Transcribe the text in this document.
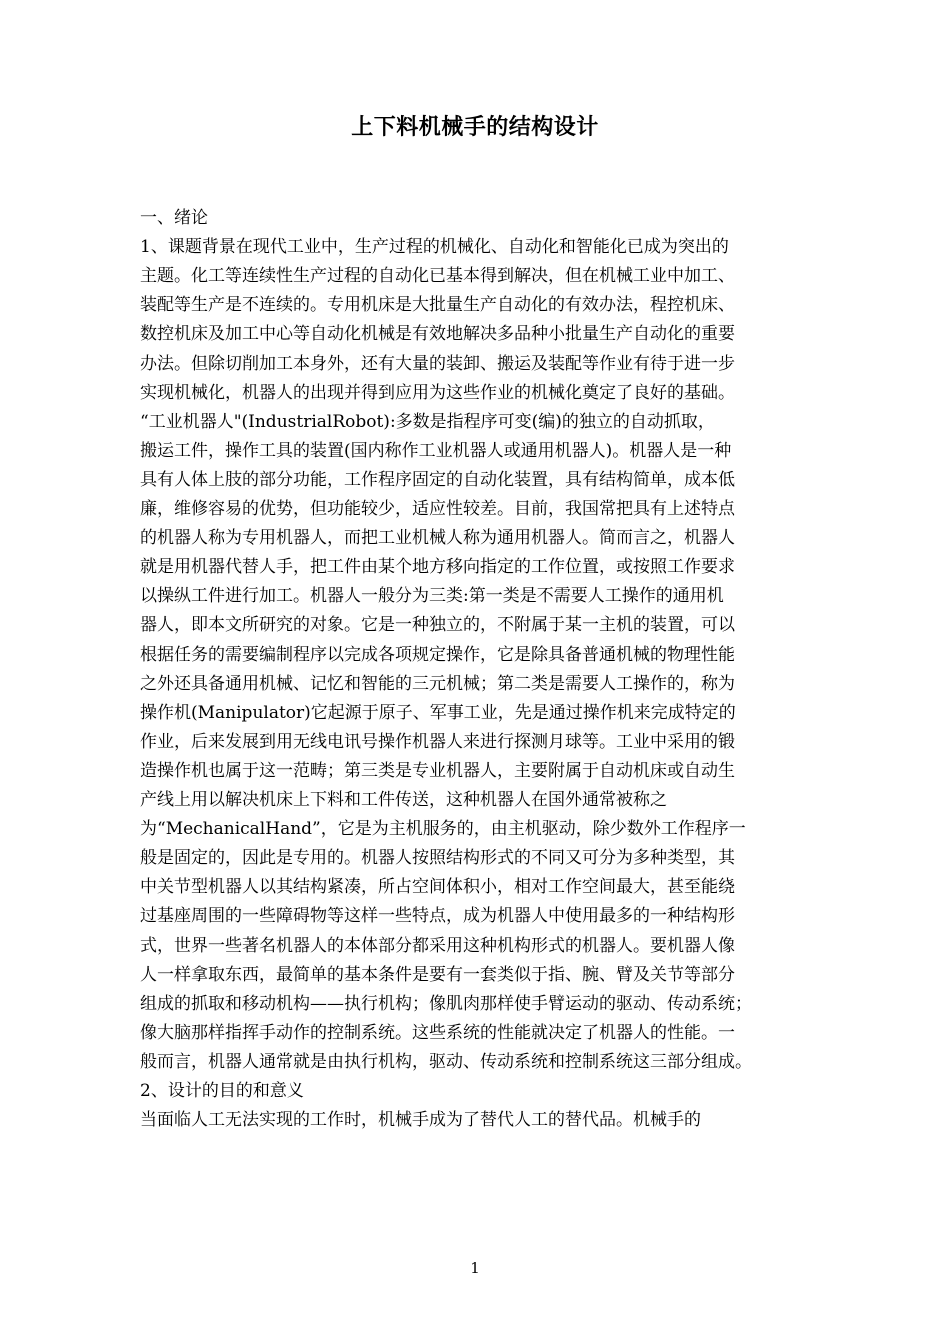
上下料机械手的结构设计
一、绪论
1、课题背景在现代工业中，生产过程的机械化、自动化和智能化已成为突出的
主题。化工等连续性生产过程的自动化已基本得到解决，但在机械工业中加工、
装配等生产是不连续的。专用机床是大批量生产自动化的有效办法，程控机床、
数控机床及加工中心等自动化机械是有效地解决多品种小批量生产自动化的重要
办法。但除切削加工本身外，还有大量的装卸、搬运及装配等作业有待于进一步
实现机械化，机器人的出现并得到应用为这些作业的机械化奠定了良好的基础。
“工业机器人"(IndustrialRobot):多数是指程序可变(编)的独立的自动抓取，
搬运工件，操作工具的装置(国内称作工业机器人或通用机器人)。机器人是一种
具有人体上肢的部分功能，工作程序固定的自动化装置，具有结构简单，成本低
廉，维修容易的优势，但功能较少，适应性较差。目前，我国常把具有上述特点
的机器人称为专用机器人，而把工业机械人称为通用机器人。简而言之，机器人
就是用机器代替人手，把工件由某个地方移向指定的工作位置，或按照工作要求
以操纵工件进行加工。机器人一般分为三类:第一类是不需要人工操作的通用机
器人，即本文所研究的对象。它是一种独立的，不附属于某一主机的装置，可以
根据任务的需要编制程序以完成各项规定操作，它是除具备普通机械的物理性能
之外还具备通用机械、记忆和智能的三元机械；第二类是需要人工操作的，称为
操作机(Manipulator)它起源于原子、军事工业，先是通过操作机来完成特定的
作业，后来发展到用无线电讯号操作机器人来进行探测月球等。工业中采用的锻
造操作机也属于这一范畴；第三类是专业机器人，主要附属于自动机床或自动生
产线上用以解决机床上下料和工件传送，这种机器人在国外通常被称之
为“MechanicalHand”，它是为主机服务的，由主机驱动，除少数外工作程序一
般是固定的，因此是专用的。机器人按照结构形式的不同又可分为多种类型，其
中关节型机器人以其结构紧凑，所占空间体积小，相对工作空间最大，甚至能绕
过基座周围的一些障碍物等这样一些特点，成为机器人中使用最多的一种结构形
式，世界一些著名机器人的本体部分都采用这种机构形式的机器人。要机器人像
人一样拿取东西，最简单的基本条件是要有一套类似于指、腕、臂及关节等部分
组成的抓取和移动机构——执行机构；像肌肉那样使手臂运动的驱动、传动系统；
像大脑那样指挥手动作的控制系统。这些系统的性能就决定了机器人的性能。一
般而言，机器人通常就是由执行机构，驱动、传动系统和控制系统这三部分组成。
2、设计的目的和意义
当面临人工无法实现的工作时，机械手成为了替代人工的替代品。机械手的
1
